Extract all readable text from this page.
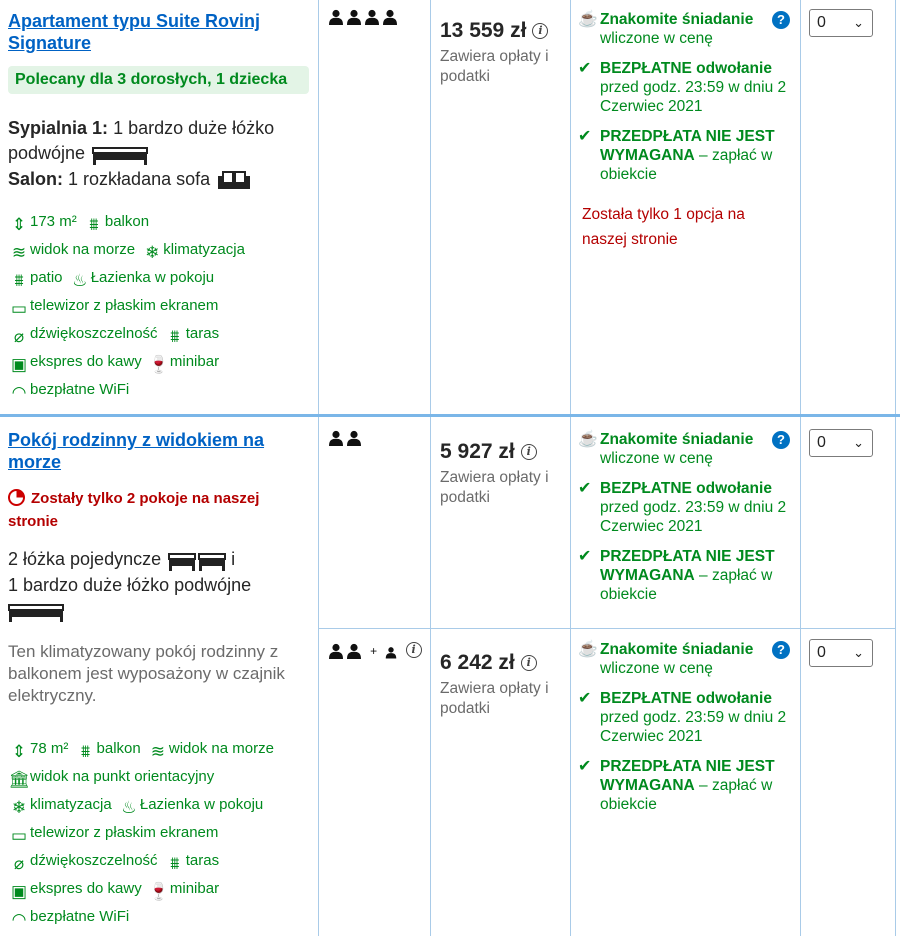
Apartament typu Suite Rovinj Signature
Polecany dla 3 dorosłych, 1 dziecka
Sypialnia 1: 1 bardzo duże łóżko podwójne
Salon: 1 rozkładana sofa
⇕ 173 m² ⩩ balkon
≋ widok na morze ❄ klimatyzacja
⩩ patio ♨ Łazienka w pokoju
▭ telewizor z płaskim ekranem
⌀ dźwiękoszczelność ⩩ taras
▣ ekspres do kawy 🍷minibar
◠ bezpłatne WiFi
13 559 zł i
Zawiera opłaty i podatki
☕ Znakomite śniadanie
wliczone w cenę
?
✔ BEZPŁATNE odwołanie przed godz. 23:59 w dniu 2 Czerwiec 2021
✔ PRZEDPŁATA NIE JEST WYMAGANA – zapłać w obiekcie
Została tylko 1 opcja na naszej stronie
0 ⌄
Pokój rodzinny z widokiem na morze
Zostały tylko 2 pokoje na naszej stronie
2 łóżka pojedyncze	i
1 bardzo duże łóżko podwójne

Ten klimatyzowany pokój rodzinny z balkonem jest wyposażony w czajnik elektryczny.
⇕ 78 m² ⩩ balkon ≋ widok na morze
🏛widok na punkt orientacyjny
❄ klimatyzacja ♨ Łazienka w pokoju
▭ telewizor z płaskim ekranem
⌀ dźwiękoszczelność ⩩ taras
▣ ekspres do kawy 🍷minibar
◠ bezpłatne WiFi
5 927 zł i
Zawiera opłaty i podatki
☕ Znakomite śniadanie
wliczone w cenę
?
✔ BEZPŁATNE odwołanie przed godz. 23:59 w dniu 2 Czerwiec 2021
✔ PRZEDPŁATA NIE JEST WYMAGANA – zapłać w obiekcie
0 ⌄
+	i
6 242 zł i
Zawiera opłaty i podatki
☕ Znakomite śniadanie
wliczone w cenę
?
✔ BEZPŁATNE odwołanie przed godz. 23:59 w dniu 2 Czerwiec 2021
✔ PRZEDPŁATA NIE JEST WYMAGANA – zapłać w obiekcie
0 ⌄
